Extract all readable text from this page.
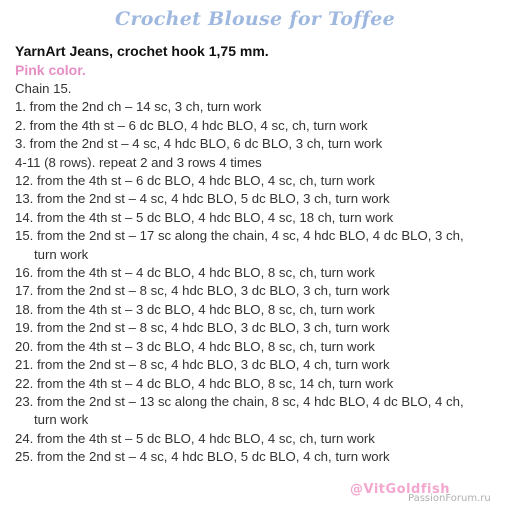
Crochet Blouse for Toffee
YarnArt Jeans, crochet hook 1,75 mm.
Pink color.
Chain 15.
1. from the 2nd ch – 14 sc, 3 ch, turn work
2. from the 4th st – 6 dc BLO, 4 hdc BLO, 4 sc, ch, turn work
3. from the 2nd st – 4 sc, 4 hdc BLO, 6 dc BLO, 3 ch, turn work
4-11 (8 rows). repeat 2 and 3 rows 4 times
12. from the 4th st – 6 dc BLO, 4 hdc BLO, 4 sc, ch, turn work
13. from the 2nd st – 4 sc, 4 hdc BLO, 5 dc BLO, 3 ch, turn work
14. from the 4th st – 5 dc BLO, 4 hdc BLO, 4 sc, 18 ch, turn work
15. from the 2nd st – 17 sc along the chain, 4 sc, 4 hdc BLO, 4 dc BLO, 3 ch,
turn work
16. from the 4th st – 4 dc BLO, 4 hdc BLO, 8 sc, ch, turn work
17. from the 2nd st – 8 sc, 4 hdc BLO, 3 dc BLO, 3 ch, turn work
18. from the 4th st – 3 dc BLO, 4 hdc BLO, 8 sc, ch, turn work
19. from the 2nd st – 8 sc, 4 hdc BLO, 3 dc BLO, 3 ch, turn work
20. from the 4th st – 3 dc BLO, 4 hdc BLO, 8 sc, ch, turn work
21. from the 2nd st – 8 sc, 4 hdc BLO, 3 dc BLO, 4 ch, turn work
22. from the 4th st – 4 dc BLO, 4 hdc BLO, 8 sc, 14 ch, turn work
23. from the 2nd st – 13 sc along the chain, 8 sc, 4 hdc BLO, 4 dc BLO, 4 ch,
turn work
24. from the 4th st – 5 dc BLO, 4 hdc BLO, 4 sc, ch, turn work
25. from the 2nd st – 4 sc, 4 hdc BLO, 5 dc BLO, 4 ch, turn work
@VitGoldfish
PassionForum.ru
